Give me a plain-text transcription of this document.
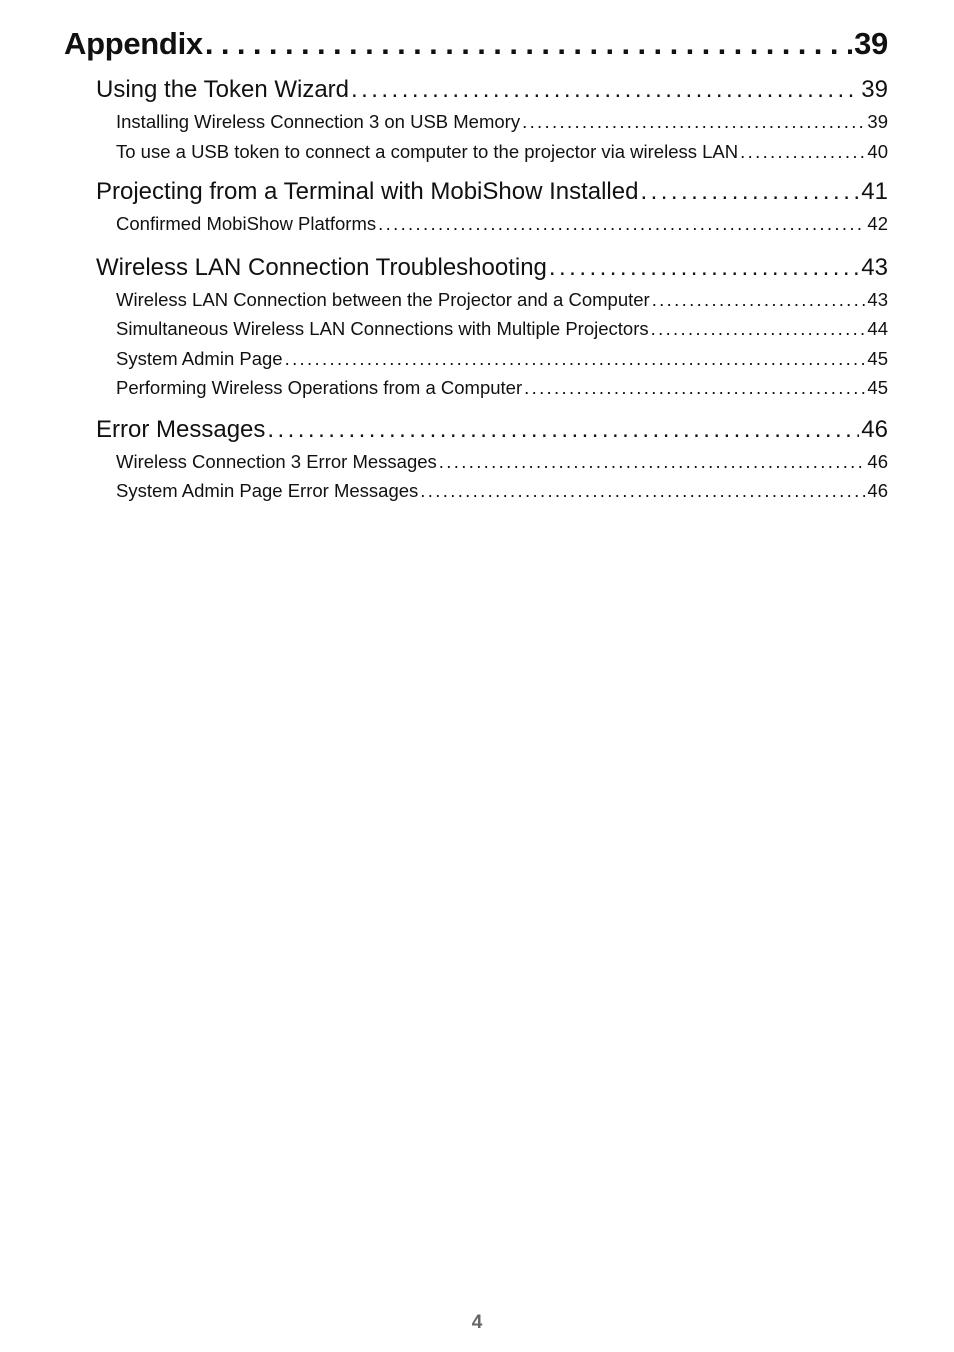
Appendix . . .	39
Using the Token Wizard . . .	39
Installing Wireless Connection 3 on USB Memory . . .	39
To use a USB token to connect a computer to the projector via wireless LAN . . .	40
Projecting from a Terminal with MobiShow Installed . . .	41
Confirmed MobiShow Platforms . . .	42
Wireless LAN Connection Troubleshooting . . .	43
Wireless LAN Connection between the Projector and a Computer . . .	43
Simultaneous Wireless LAN Connections with Multiple Projectors . . .	44
System Admin Page . . .	45
Performing Wireless Operations from a Computer . . .	45
Error Messages . . .	46
Wireless Connection 3 Error Messages . . .	46
System Admin Page Error Messages . . .	46
4
